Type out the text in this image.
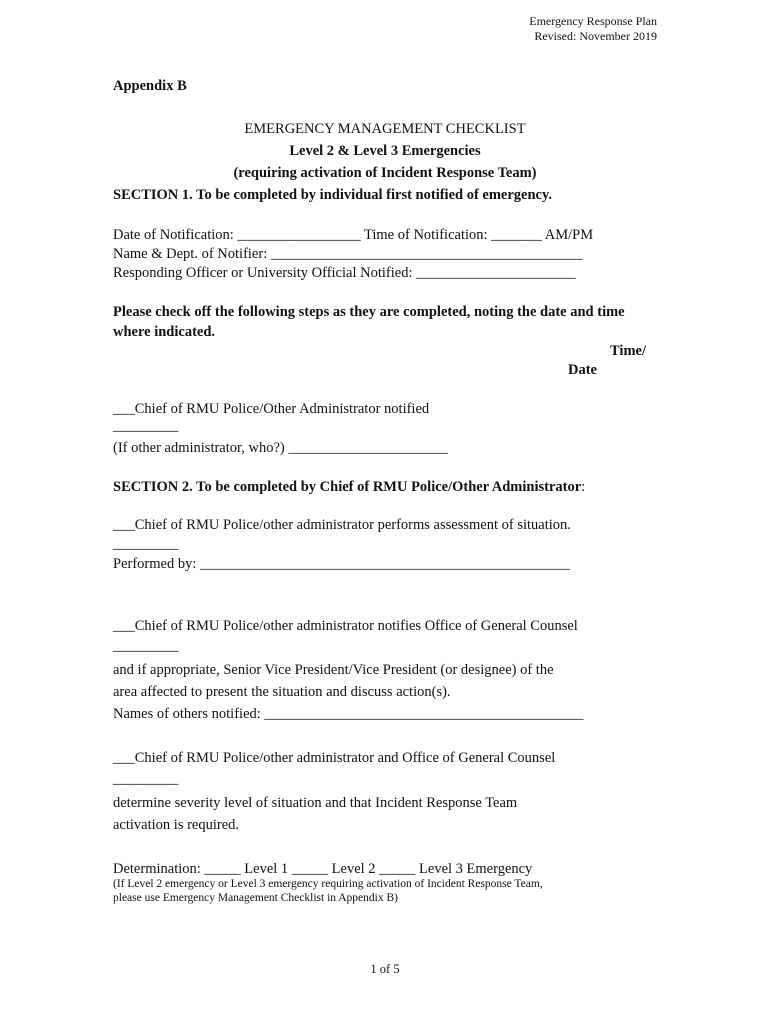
Emergency Response Plan
Revised: November 2019
Appendix B
EMERGENCY MANAGEMENT CHECKLIST
Level 2 & Level 3 Emergencies
(requiring activation of Incident Response Team)
SECTION 1. To be completed by individual first notified of emergency.
Date of Notification: _________________ Time of Notification: _______ AM/PM
Name & Dept. of Notifier: ___________________________________________
Responding Officer or University Official Notified: ______________________
Please check off the following steps as they are completed, noting the date and time
where indicated.
Time/
Date
___Chief of RMU Police/Other Administrator notified
_________
(If other administrator, who?) ______________________
SECTION 2. To be completed by Chief of RMU Police/Other Administrator:
___Chief of RMU Police/other administrator performs assessment of situation.
_________
Performed by: ___________________________________________________
___Chief of RMU Police/other administrator notifies Office of General Counsel
_________
and if appropriate, Senior Vice President/Vice President (or designee) of the
area affected to present the situation and discuss action(s).
Names of others notified: ____________________________________________
___Chief of RMU Police/other administrator and Office of General Counsel
_________
determine severity level of situation and that Incident Response Team
activation is required.
Determination: _____ Level 1 _____ Level 2 _____ Level 3 Emergency
(If Level 2 emergency or Level 3 emergency requiring activation of Incident Response Team,
please use Emergency Management Checklist in Appendix B)
1 of 5
